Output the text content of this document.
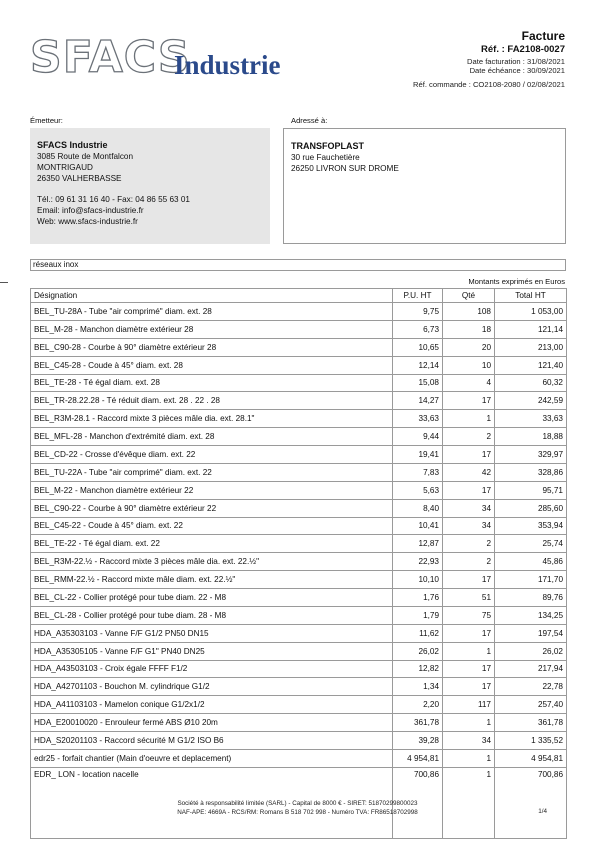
SFACS
Industrie
Facture
Réf. : FA2108-0027
Date facturation : 31/08/2021
Date échéance : 30/09/2021
Réf. commande : CO2108-2080 / 02/08/2021
Émetteur:	Adressé à:
SFACS Industrie
3085 Route de Montfalcon
MONTRIGAUD
26350 VALHERBASSE
Tél.: 09 61 31 16 40 - Fax: 04 86 55 63 01
Email: info@sfacs-industrie.fr
Web: www.sfacs-industrie.fr
TRANSFOPLAST
30 rue Fauchetière
26250 LIVRON SUR DROME
réseaux inox
Montants exprimés en Euros
Désignation	P.U. HT	Qté	Total HT
BEL_TU-28A - Tube "air comprimé" diam. ext. 28	9,75	108	1 053,00
BEL_M-28 - Manchon diamètre extérieur 28	6,73	18	121,14
BEL_C90-28 - Courbe à 90° diamètre extérieur 28	10,65	20	213,00
BEL_C45-28 - Coude à 45° diam. ext. 28	12,14	10	121,40
BEL_TE-28 - Té égal diam. ext. 28	15,08	4	60,32
BEL_TR-28.22.28 - Té réduit diam. ext. 28 . 22 . 28	14,27	17	242,59
BEL_R3M-28.1 - Raccord mixte 3 pièces mâle dia. ext. 28.1"	33,63	1	33,63
BEL_MFL-28 - Manchon d'extrémité diam. ext. 28	9,44	2	18,88
BEL_CD-22 - Crosse d'évêque diam. ext. 22	19,41	17	329,97
BEL_TU-22A - Tube "air comprimé" diam. ext. 22	7,83	42	328,86
BEL_M-22 - Manchon diamètre extérieur 22	5,63	17	95,71
BEL_C90-22 - Courbe à 90° diamètre extérieur 22	8,40	34	285,60
BEL_C45-22 - Coude à 45° diam. ext. 22	10,41	34	353,94
BEL_TE-22 - Té égal diam. ext. 22	12,87	2	25,74
BEL_R3M-22.½ - Raccord mixte 3 pièces mâle dia. ext. 22.½"	22,93	2	45,86
BEL_RMM-22.½ - Raccord mixte mâle diam. ext. 22.½"	10,10	17	171,70
BEL_CL-22 - Collier protégé pour tube diam. 22 - M8	1,76	51	89,76
BEL_CL-28 - Collier protégé pour tube diam. 28 - M8	1,79	75	134,25
HDA_A35303103 - Vanne F/F G1/2 PN50 DN15	11,62	17	197,54
HDA_A35305105 - Vanne F/F G1" PN40 DN25	26,02	1	26,02
HDA_A43503103 - Croix égale FFFF F1/2	12,82	17	217,94
HDA_A42701103 - Bouchon M. cylindrique G1/2	1,34	17	22,78
HDA_A41103103 - Mamelon conique G1/2x1/2	2,20	117	257,40
HDA_E20010020 - Enrouleur fermé ABS Ø10 20m	361,78	1	361,78
HDA_S20201103 - Raccord sécurité M G1/2 ISO B6	39,28	34	1 335,52
edr25 - forfait chantier (Main d'oeuvre et deplacement)	4 954,81	1	4 954,81
EDR_ LON - location nacelle	700,86	1	700,86
Société à responsabilité limitée (SARL) - Capital de 8000 € - SIRET: 51870299800023
NAF-APE: 4669A - RCS/RM: Romans B 518 702 998 - Numéro TVA: FR86518702998	1/4
